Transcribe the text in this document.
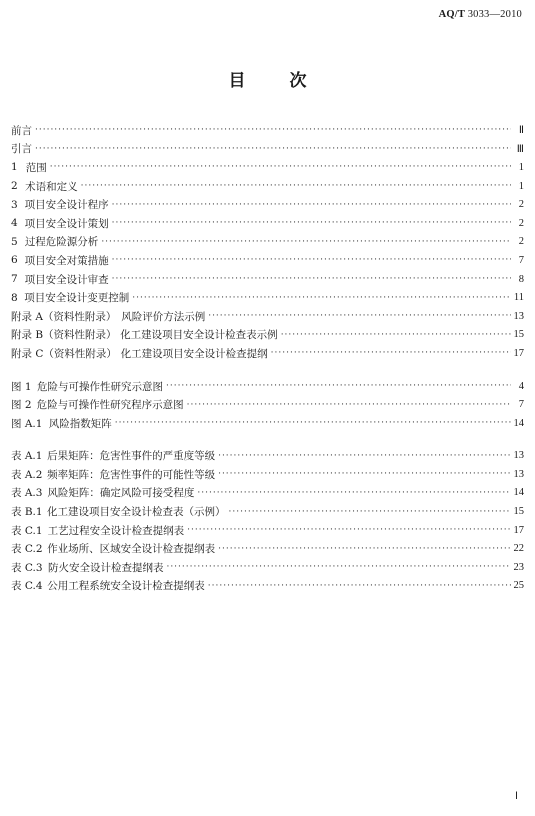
AQ/T 3033—2010
目	次
前言 ·····	Ⅱ
引言 ·····	Ⅲ
1 范围 ·····	1
2 术语和定义 ·····	1
3 项目安全设计程序 ·····	2
4 项目安全设计策划 ·····	2
5 过程危险源分析 ·····	2
6 项目安全对策措施 ·····	7
7 项目安全设计审查 ·····	8
8 项目安全设计变更控制 ·····	11
附录 A（资料性附录） 风险评价方法示例 ·····	13
附录 B（资料性附录） 化工建设项目安全设计检查表示例 ·····	15
附录 C（资料性附录） 化工建设项目安全设计检查提纲 ·····	17
图 1 危险与可操作性研究示意图 ·····	4
图 2 危险与可操作性研究程序示意图 ·····	7
图 A.1 风险指数矩阵 ·····	14
表 A.1 后果矩阵：危害性事件的严重度等级 ·····	13
表 A.2 频率矩阵：危害性事件的可能性等级 ·····	13
表 A.3 风险矩阵：确定风险可接受程度 ·····	14
表 B.1 化工建设项目安全设计检查表（示例） ·····	15
表 C.1 工艺过程安全设计检查提纲表 ·····	17
表 C.2 作业场所、区域安全设计检查提纲表 ·····	22
表 C.3 防火安全设计检查提纲表 ·····	23
表 C.4 公用工程系统安全设计检查提纲表 ·····	25
Ⅰ
